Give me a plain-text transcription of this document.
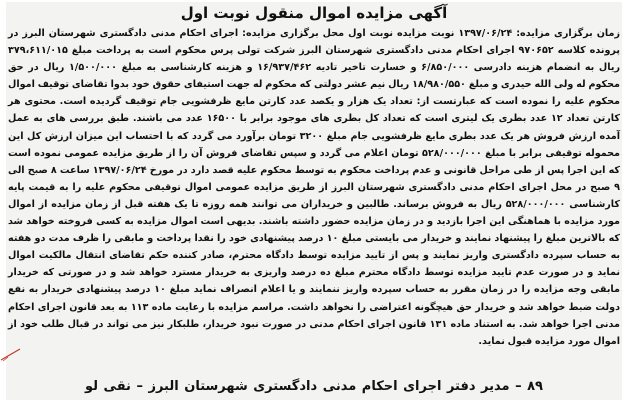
آگهی مزایده اموال منقول نوبت اول
زمان برگزاری مزایده: ۱۳۹۷/۰۶/۲۴ نوبت مزایده نوبت اول محل برگزاری مزایده: اجرای احکام مدنی دادگستری شهرستان البرز در پرونده کلاسه ۹۷۰۶۵۲ اجرای احکام مدنی دادگستری شهرستان البرز شرکت تولی پرس محکوم است به پرداخت مبلغ ۳۷۹،۶۱۱/۰۱۵ ریال به انضمام هزینه دادرسی ۶/۸۵۰/۰۰۰ و خسارت تاخیر تادیه ۱۶/۹۳۷/۴۶۲ و هزینه کارشناسی به مبلغ ۱/۵۰۰/۰۰۰ ریال در حق محکوم له ولی الله حیدری و مبلغ ۱۸/۹۸۰/۵۵۰ ریال نیم عشر دولتی که محکوم له جهت استیفای حقوق خود بدوا تقاضای توقیف اموال محکوم علیه را نموده است که عبارتست از: تعداد یک هزار و یکصد عدد کارتن مایع ظرفشویی جام توقیف گردیده است. محتوی هر کارتن تعداد ۱۲ عدد بطری یک لیتری است که تعداد کل بطری های موجود برابر با ۱۶۵۰۰ عدد می باشند. طبق بررسی های به عمل آمده ارزش فروش هر یک عدد بطری مایع ظرفشویی جام مبلغ ۳۲۰۰ تومان برآورد می گردد که با احتساب این میزان ارزش کل این محموله توقیفی برابر با مبلغ ۵۲۸/۰۰۰/۰۰۰ تومان اعلام می گردد و سپس تقاضای فروش آن را از طریق مزایده عمومی نموده است که این اجرا پس از طی مراحل قانونی و عدم پرداخت محکوم به توسط محکوم علیه قصد دارد در مورخ ۱۳۹۷/۰۶/۲۴ ساعت ۸ صبح الی ۹ صبح در محل اجرای احکام مدنی دادگستری شهرستان البرز از طریق مزایده عمومی اموال توقیفی محکوم علیه را به قیمت پایه کارشناسی ۵۲۸/۰۰۰/۰۰۰ ریال به فروش برساند. طالبین و خریداران می توانند همه روزه تا یک هفته قبل از زمان مزایده از اموال مورد مزایده با هماهنگی این اجرا بازدید و در زمان مزایده حضور داشته باشند. بدیهی است اموال مزایده به کسی فروخته خواهد شد که بالاترین مبلغ را پیشنهاد نمایند و خریدار می بایستی مبلغ ۱۰ درصد پیشنهادی خود را نقدا پرداخت و مابقی را ظرف مدت دو هفته به حساب سپرده دادگستری واریز نمایند و پس از تایید مزایده توسط دادگاه محترم، صادر کننده حکم تقاضای انتقال مالکیت اموال نماید و در صورت عدم تایید مزایده توسط دادگاه محترم مبلغ ده درصد واریزی به خریدار مسترد خواهد شد و در صورتی که خریدار مابقی وجه مزایده را در زمان مقرر به حساب سپرده واریز ننمایند و یا اعلام انصراف نماید مبلغ ۱۰ درصد پیشنهادی خریدار به نفع دولت ضبط خواهد شد و خریدار حق هیچگونه اعتراضی را نخواهد داشت. مراسم مزایده با رعایت ماده ۱۱۳ به بعد قانون اجرای احکام مدنی اجرا خواهد شد. به استناد ماده ۱۳۱ قانون اجرای احکام مدنی در صورت نبود خریدار، طلبکار نیز می تواند در قبال طلب خود از اموال مورد مزایده قبول نماید.
۸۹ – مدیر دفتر اجرای احکام مدنی دادگستری شهرستان البرز – نقی لو
